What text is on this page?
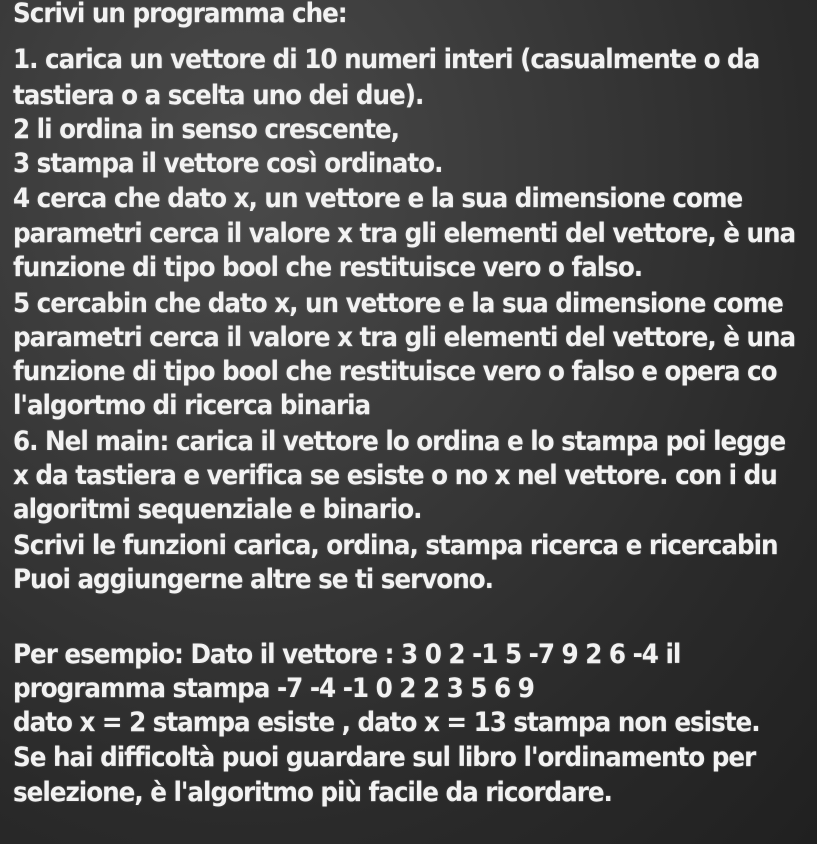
Scrivi un programma che:
1. carica un vettore di 10 numeri interi (casualmente o da
tastiera o a scelta uno dei due).
2 li ordina in senso crescente,
3 stampa il vettore così ordinato.
4 cerca che dato x, un vettore e la sua dimensione come
parametri cerca il valore x tra gli elementi del vettore, è una
funzione di tipo bool che restituisce vero o falso.
5 cercabin che dato x, un vettore e la sua dimensione come
parametri cerca il valore x tra gli elementi del vettore, è una
funzione di tipo bool che restituisce vero o falso e opera co
l'algortmo di ricerca binaria
6. Nel main: carica il vettore lo ordina e lo stampa poi legge
x da tastiera e verifica se esiste o no x nel vettore. con i du
algoritmi sequenziale e binario.
Scrivi le funzioni carica, ordina, stampa ricerca e ricercabin
Puoi aggiungerne altre se ti servono.
Per esempio: Dato il vettore : 3 0 2 -1 5 -7 9 2 6 -4 il
programma stampa -7 -4 -1 0 2 2 3 5 6 9
dato x = 2 stampa esiste , dato x = 13 stampa non esiste.
Se hai difficoltà puoi guardare sul libro l'ordinamento per
selezione, è l'algoritmo più facile da ricordare.
